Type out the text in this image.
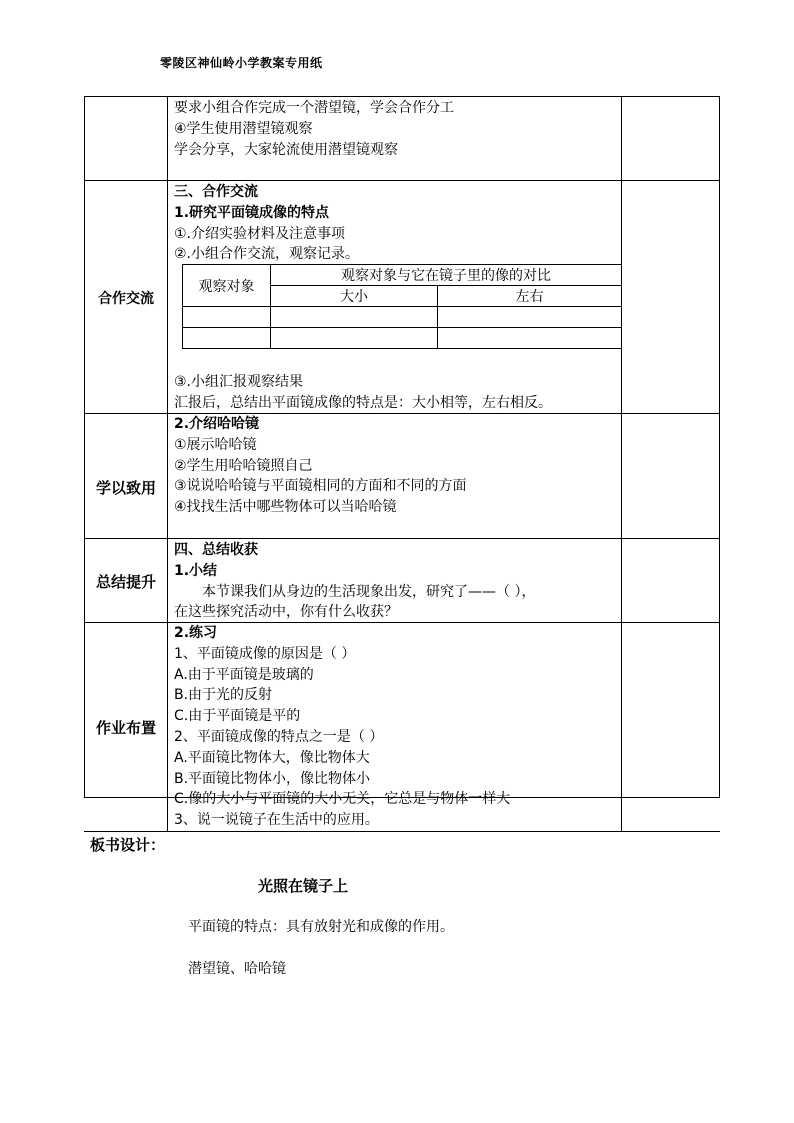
零陵区神仙岭小学教案专用纸
要求小组合作完成一个潜望镜，学会合作分工
④学生使用潜望镜观察
学会分享，大家轮流使用潜望镜观察
合作交流
三、合作交流
1.研究平面镜成像的特点
①.介绍实验材料及注意事项
②.小组合作交流，观察记录。
观察对象	观察对象与它在镜子里的像的对比	
	大小	左右

③.小组汇报观察结果
汇报后，总结出平面镜成像的特点是：大小相等，左右相反。
学以致用
2.介绍哈哈镜
①展示哈哈镜
②学生用哈哈镜照自己
③说说哈哈镜与平面镜相同的方面和不同的方面
④找找生活中哪些物体可以当哈哈镜
总结提升
四、总结收获
1.小结
本节课我们从身边的生活现象出发，研究了——（ ），
在这些探究活动中，你有什么收获？
作业布置
2.练习
1、平面镜成像的原因是（ ）
A.由于平面镜是玻璃的
B.由于光的反射
C.由于平面镜是平的
2、平面镜成像的特点之一是（ ）
A.平面镜比物体大，像比物体大
B.平面镜比物体小，像比物体小
C.像的大小与平面镜的大小无关，它总是与物体一样大
3、说一说镜子在生活中的应用。
板书设计：
光照在镜子上
平面镜的特点：具有放射光和成像的作用。
潜望镜、哈哈镜
